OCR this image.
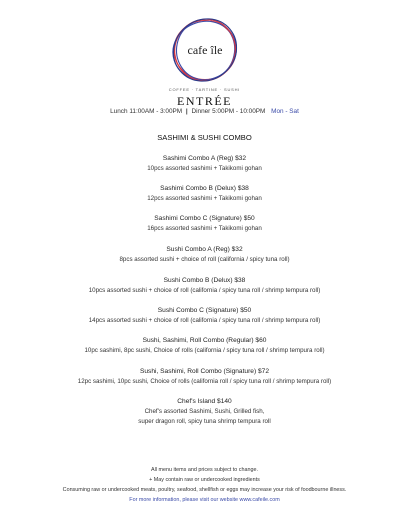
cafe île
COFFEE · TARTINE · SUSHI
ENTRÉE
Lunch 11:00AM - 3:00PM | Dinner 5:00PM - 10:00PM Mon - Sat
SASHIMI & SUSHI COMBO
Sashimi Combo A (Reg) $32
10pcs assorted sashimi + Takikomi gohan
Sashimi Combo B (Delux) $38
12pcs assorted sashimi + Takikomi gohan
Sashimi Combo C (Signature) $50
16pcs assorted sashimi + Takikomi gohan
Sushi Combo A (Reg) $32
8pcs assorted sushi + choice of roll (california / spicy tuna roll)
Sushi Combo B (Delux) $38
10pcs assorted sushi + choice of roll (california / spicy tuna roll / shrimp tempura roll)
Sushi Combo C (Signature) $50
14pcs assorted sushi + choice of roll (california / spicy tuna roll / shrimp tempura roll)
Sushi, Sashimi, Roll Combo (Regular) $60
10pc sashimi, 8pc sushi, Choice of rolls (california / spicy tuna roll / shrimp tempura roll)
Sushi, Sashimi, Roll Combo (Signature) $72
12pc sashimi, 10pc sushi, Choice of rolls (california roll / spicy tuna roll / shrimp tempura roll)
Chef's Island $140
Chef's assorted Sashimi, Sushi, Grilled fish,
super dragon roll, spicy tuna shrimp tempura roll
All menu items and prices subject to change.
+ May contain raw or undercooked ingredients
Consuming raw or undercooked meats, poultry, seafood, shellfish or eggs may increase your risk of foodbourne illness.
For more information, please visit our website www.cafeile.com
